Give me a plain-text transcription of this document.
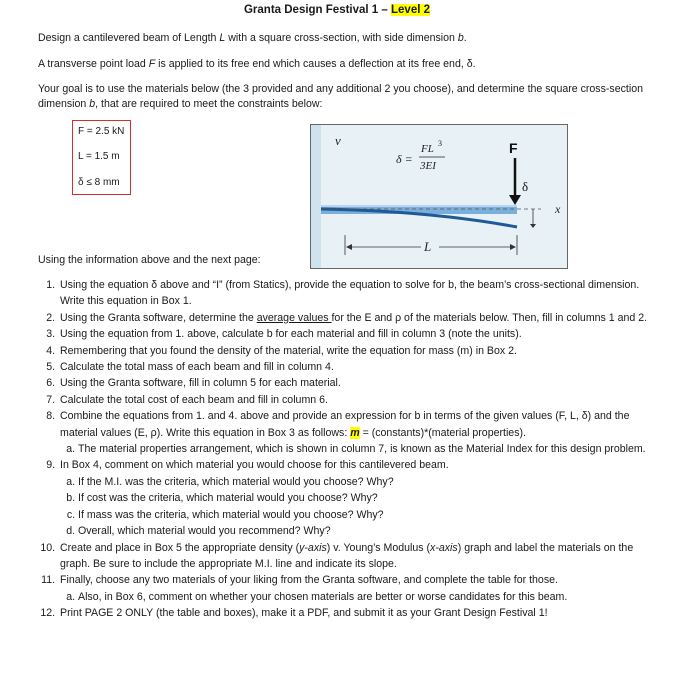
Granta Design Festival 1 – Level 2
Design a cantilevered beam of Length L with a square cross-section, with side dimension b.
A transverse point load F is applied to its free end which causes a deflection at its free end, δ.
Your goal is to use the materials below (the 3 provided and any additional 2 you choose), and determine the square cross-section dimension b, that are required to meet the constraints below:
F = 2.5 kN
L = 1.5 m
δ ≤ 8 mm
x
v
δ =
FL 3
3EI
F
δ
L
Using the information above and the next page:
1. Using the equation δ above and “I” (from Statics), provide the equation to solve for b, the beam’s cross-sectional dimension. Write this equation in Box 1.
2. Using the Granta software, determine the average values for the E and ρ of the materials below. Then, fill in columns 1 and 2.
3. Using the equation from 1. above, calculate b for each material and fill in column 3 (note the units).
4. Remembering that you found the density of the material, write the equation for mass (m) in Box 2.
5. Calculate the total mass of each beam and fill in column 4.
6. Using the Granta software, fill in column 5 for each material.
7. Calculate the total cost of each beam and fill in column 6.
8. Combine the equations from 1. and 4. above and provide an expression for b in terms of the given values (F, L, δ) and the material values (E, ρ). Write this equation in Box 3 as follows: m = (constants)*(material properties).
a. The material properties arrangement, which is shown in column 7, is known as the Material Index for this design problem.
9. In Box 4, comment on which material you would choose for this cantilevered beam.
a. If the M.I. was the criteria, which material would you choose? Why?
b. If cost was the criteria, which material would you choose? Why?
c. If mass was the criteria, which material would you choose? Why?
d. Overall, which material would you recommend? Why?
10. Create and place in Box 5 the appropriate density (y-axis) v. Young’s Modulus (x-axis) graph and label the materials on the graph. Be sure to include the appropriate M.I. line and indicate its slope.
11. Finally, choose any two materials of your liking from the Granta software, and complete the table for those.
a. Also, in Box 6, comment on whether your chosen materials are better or worse candidates for this beam.
12. Print PAGE 2 ONLY (the table and boxes), make it a PDF, and submit it as your Grant Design Festival 1!
